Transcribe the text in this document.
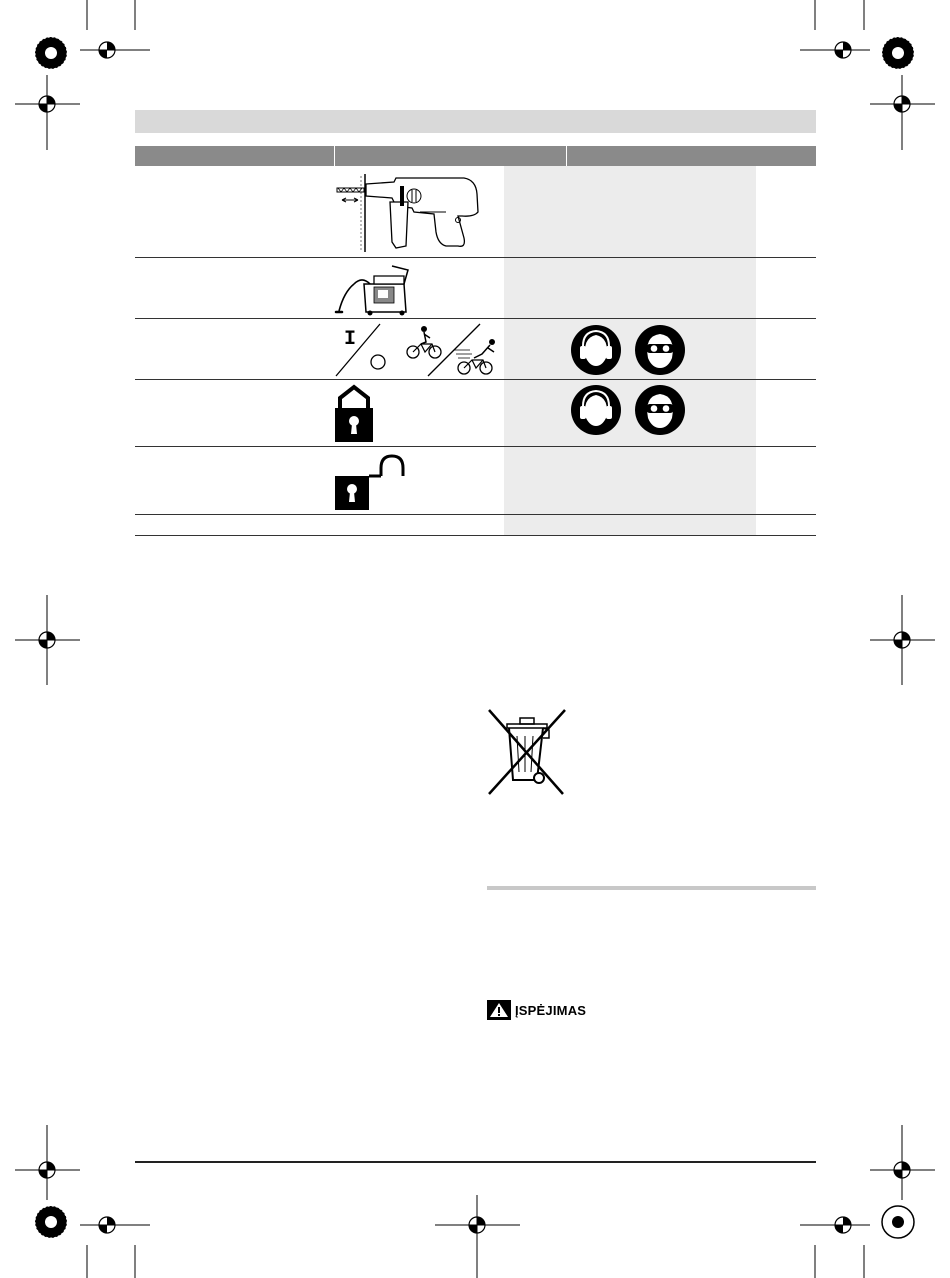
I
ĮSPĖJIMAS
